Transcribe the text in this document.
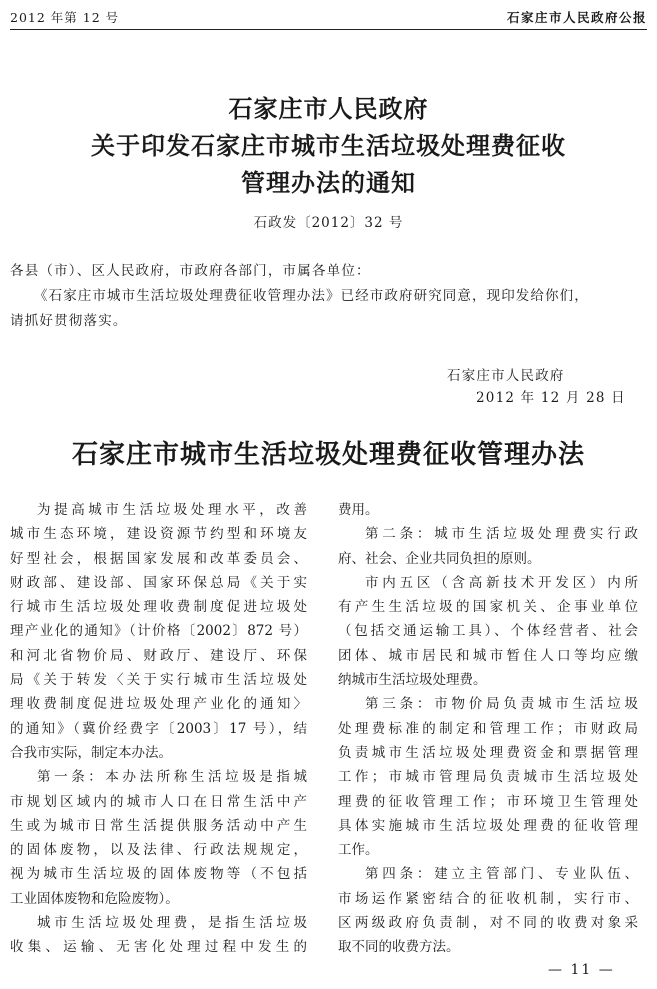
2012 年第 12 号	石家庄市人民政府公报
石家庄市人民政府
关于印发石家庄市城市生活垃圾处理费征收
管理办法的通知
石政发〔2012〕32 号
各县（市）、区人民政府，市政府各部门，市属各单位：
《石家庄市城市生活垃圾处理费征收管理办法》已经市政府研究同意，现印发给你们，
请抓好贯彻落实。
石家庄市人民政府
2012 年 12 月 28 日
石家庄市城市生活垃圾处理费征收管理办法
为提高城市生活垃圾处理水平，改善
城市生态环境，建设资源节约型和环境友
好型社会，根据国家发展和改革委员会、
财政部、建设部、国家环保总局《关于实
行城市生活垃圾处理收费制度促进垃圾处
理产业化的通知》（计价格〔2002〕872 号）
和河北省物价局、财政厅、建设厅、环保
局《关于转发〈关于实行城市生活垃圾处
理收费制度促进垃圾处理产业化的通知〉
的通知》（冀价经费字〔2003〕17 号），结
合我市实际，制定本办法。
第一条：本办法所称生活垃圾是指城
市规划区域内的城市人口在日常生活中产
生或为城市日常生活提供服务活动中产生
的固体废物，以及法律、行政法规规定，
视为城市生活垃圾的固体废物等（不包括
工业固体废物和危险废物）。
城市生活垃圾处理费，是指生活垃圾
收集、运输、无害化处理过程中发生的
费用。
第二条：城市生活垃圾处理费实行政
府、社会、企业共同负担的原则。
市内五区（含高新技术开发区）内所
有产生生活垃圾的国家机关、企事业单位
（包括交通运输工具）、个体经营者、社会
团体、城市居民和城市暂住人口等均应缴
纳城市生活垃圾处理费。
第三条：市物价局负责城市生活垃圾
处理费标准的制定和管理工作；市财政局
负责城市生活垃圾处理费资金和票据管理
工作；市城市管理局负责城市生活垃圾处
理费的征收管理工作；市环境卫生管理处
具体实施城市生活垃圾处理费的征收管理
工作。
第四条：建立主管部门、专业队伍、
市场运作紧密结合的征收机制，实行市、
区两级政府负责制，对不同的收费对象采
取不同的收费方法。
— 11 —
